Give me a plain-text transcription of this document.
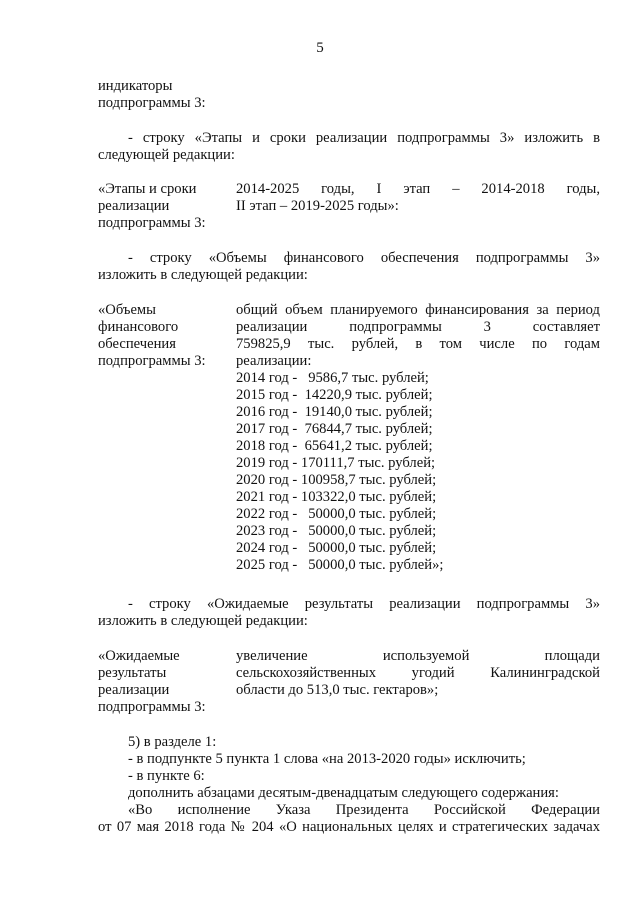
5
индикаторы
подпрограммы 3:
- строку «Этапы и сроки реализации подпрограммы 3» изложить в
следующей редакции:
«Этапы и сроки
реализации
подпрограммы 3:
2014-2025 годы, I этап – 2014-2018 годы,
II этап – 2019-2025 годы»:
- строку «Объемы финансового обеспечения подпрограммы 3»
изложить в следующей редакции:
«Объемы
финансового
обеспечения
подпрограммы 3:
общий объем планируемого финансирования за период
реализации подпрограммы 3 составляет
759825,9 тыс. рублей, в том числе по годам
реализации:
2014 год -   9586,7 тыс. рублей;
2015 год -  14220,9 тыс. рублей;
2016 год -  19140,0 тыс. рублей;
2017 год -  76844,7 тыс. рублей;
2018 год -  65641,2 тыс. рублей;
2019 год - 170111,7 тыс. рублей;
2020 год - 100958,7 тыс. рублей;
2021 год - 103322,0 тыс. рублей;
2022 год -   50000,0 тыс. рублей;
2023 год -   50000,0 тыс. рублей;
2024 год -   50000,0 тыс. рублей;
2025 год -   50000,0 тыс. рублей»;
- строку «Ожидаемые результаты реализации подпрограммы 3»
изложить в следующей редакции:
«Ожидаемые
результаты
реализации
подпрограммы 3:
увеличение используемой площади
сельскохозяйственных угодий Калининградской
области до 513,0 тыс. гектаров»;
5) в разделе 1:
- в подпункте 5 пункта 1 слова «на 2013-2020 годы» исключить;
- в пункте 6:
дополнить абзацами десятым-двенадцатым следующего содержания:
«Во исполнение Указа Президента Российской Федерации
от 07 мая 2018 года № 204 «О национальных целях и стратегических задачах
